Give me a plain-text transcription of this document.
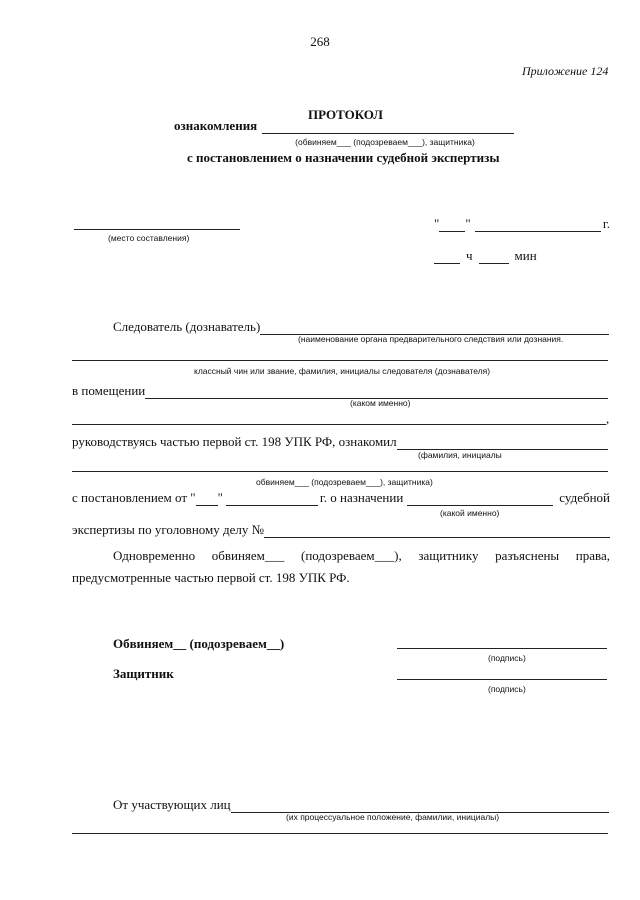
268
Приложение 124
ПРОТОКОЛ
ознакомления
(обвиняем___ (подозреваем___), защитника)
с постановлением о назначении судебной экспертизы
(место составления)
" "	г.
ч	мин
Следователь (дознаватель)
(наименование органа предварительного следствия или дознания.
классный чин или звание, фамилия, инициалы следователя (дознавателя)
в помещении
(каком именно)
,
руководствуясь частью первой ст. 198 УПК РФ, ознакомил
(фамилия, инициалы
обвиняем___ (подозреваем___), защитника)
с постановлением от " "	г. о назначении	судебной
(какой именно)
экспертизы по уголовному делу №
Одновременно обвиняем___ (подозреваем___), защитнику разъяснены права,
предусмотренные частью первой ст. 198 УПК РФ.
Обвиняем__ (подозреваем__)
(подпись)
Защитник
(подпись)
От участвующих лиц
(их процессуальное положение, фамилии, инициалы)
